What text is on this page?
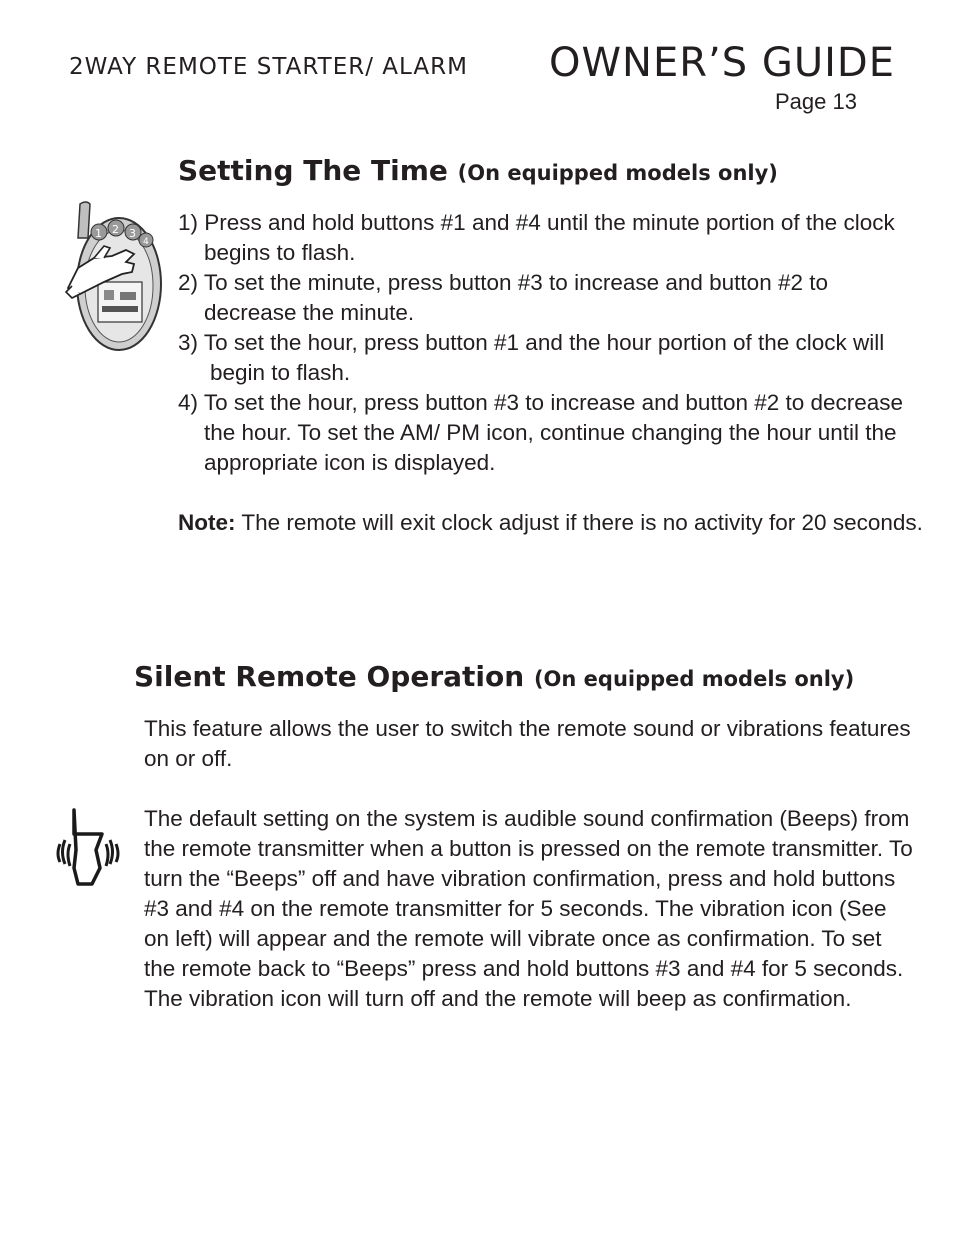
2WAY REMOTE STARTER/ ALARM OWNER’S GUIDE
Page 13
Setting The Time (On equipped models only)
1 2 3
4
1) Press and hold buttons #1 and #4 until the minute portion of the clock begins to flash.
2) To set the minute, press button #3 to increase and button #2 to decrease the minute.
3) To set the hour, press button #1 and the hour portion of the clock will begin to flash.
4) To set the hour, press button #3 to increase and button #2 to decrease the hour. To set the AM/ PM icon, continue changing the hour until the appropriate icon is displayed.
Note: The remote will exit clock adjust if there is no activity for 20 seconds.
Silent Remote Operation (On equipped models only)

This feature allows the user to switch the remote sound or vibrations features on or off.

The default setting on the system is audible sound confirmation (Beeps) from the remote transmitter when a button is pressed on the remote transmitter. To turn the “Beeps” off and have vibration confirmation, press and hold buttons #3 and #4 on the remote transmitter for 5 seconds. The vibration icon (See on left) will appear and the remote will vibrate once as confirmation. To set the remote back to “Beeps” press and hold buttons #3 and #4 for 5 seconds. The vibration icon will turn off and the remote will beep as confirmation.
